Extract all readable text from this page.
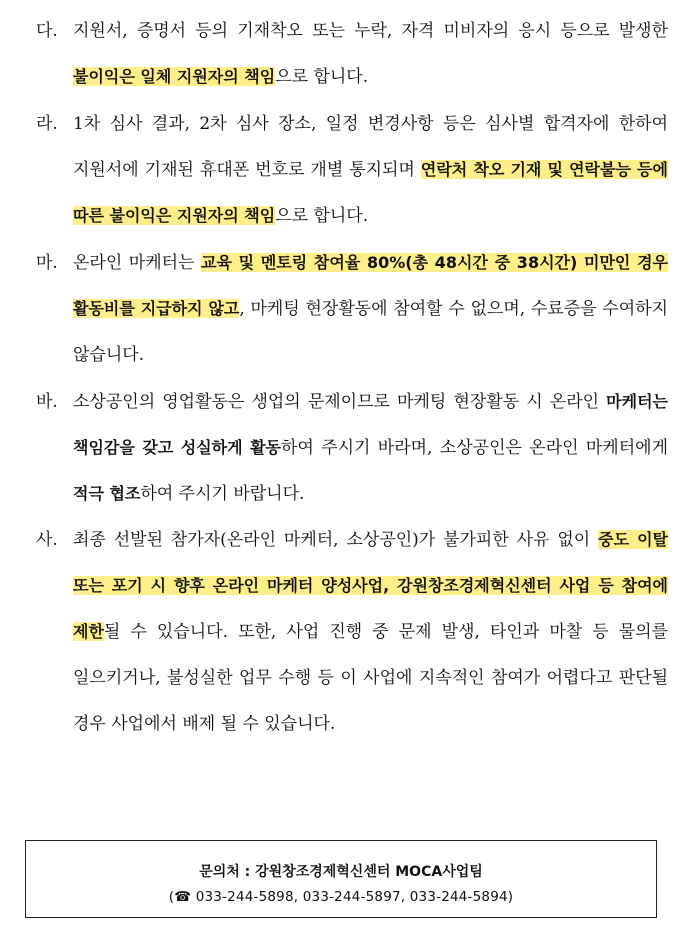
다. 지원서, 증명서 등의 기재착오 또는 누락, 자격 미비자의 응시 등으로 발생한 불이익은 일체 지원자의 책임으로 합니다.
라. 1차 심사 결과, 2차 심사 장소, 일정 변경사항 등은 심사별 합격자에 한하여 지원서에 기재된 휴대폰 번호로 개별 통지되며 연락처 착오 기재 및 연락불능 등에 따른 불이익은 지원자의 책임으로 합니다.
마. 온라인 마케터는 교육 및 멘토링 참여율 80%(총 48시간 중 38시간) 미만인 경우 활동비를 지급하지 않고, 마케팅 현장활동에 참여할 수 없으며, 수료증을 수여하지 않습니다.
바. 소상공인의 영업활동은 생업의 문제이므로 마케팅 현장활동 시 온라인 마케터는 책임감을 갖고 성실하게 활동하여 주시기 바라며, 소상공인은 온라인 마케터에게 적극 협조하여 주시기 바랍니다.
사. 최종 선발된 참가자(온라인 마케터, 소상공인)가 불가피한 사유 없이 중도 이탈 또는 포기 시 향후 온라인 마케터 양성사업, 강원창조경제혁신센터 사업 등 참여에 제한될 수 있습니다. 또한, 사업 진행 중 문제 발생, 타인과 마찰 등 물의를 일으키거나, 불성실한 업무 수행 등 이 사업에 지속적인 참여가 어렵다고 판단될 경우 사업에서 배제 될 수 있습니다.
문의처 : 강원창조경제혁신센터 MOCA사업팀
(☎ 033-244-5898, 033-244-5897, 033-244-5894)
